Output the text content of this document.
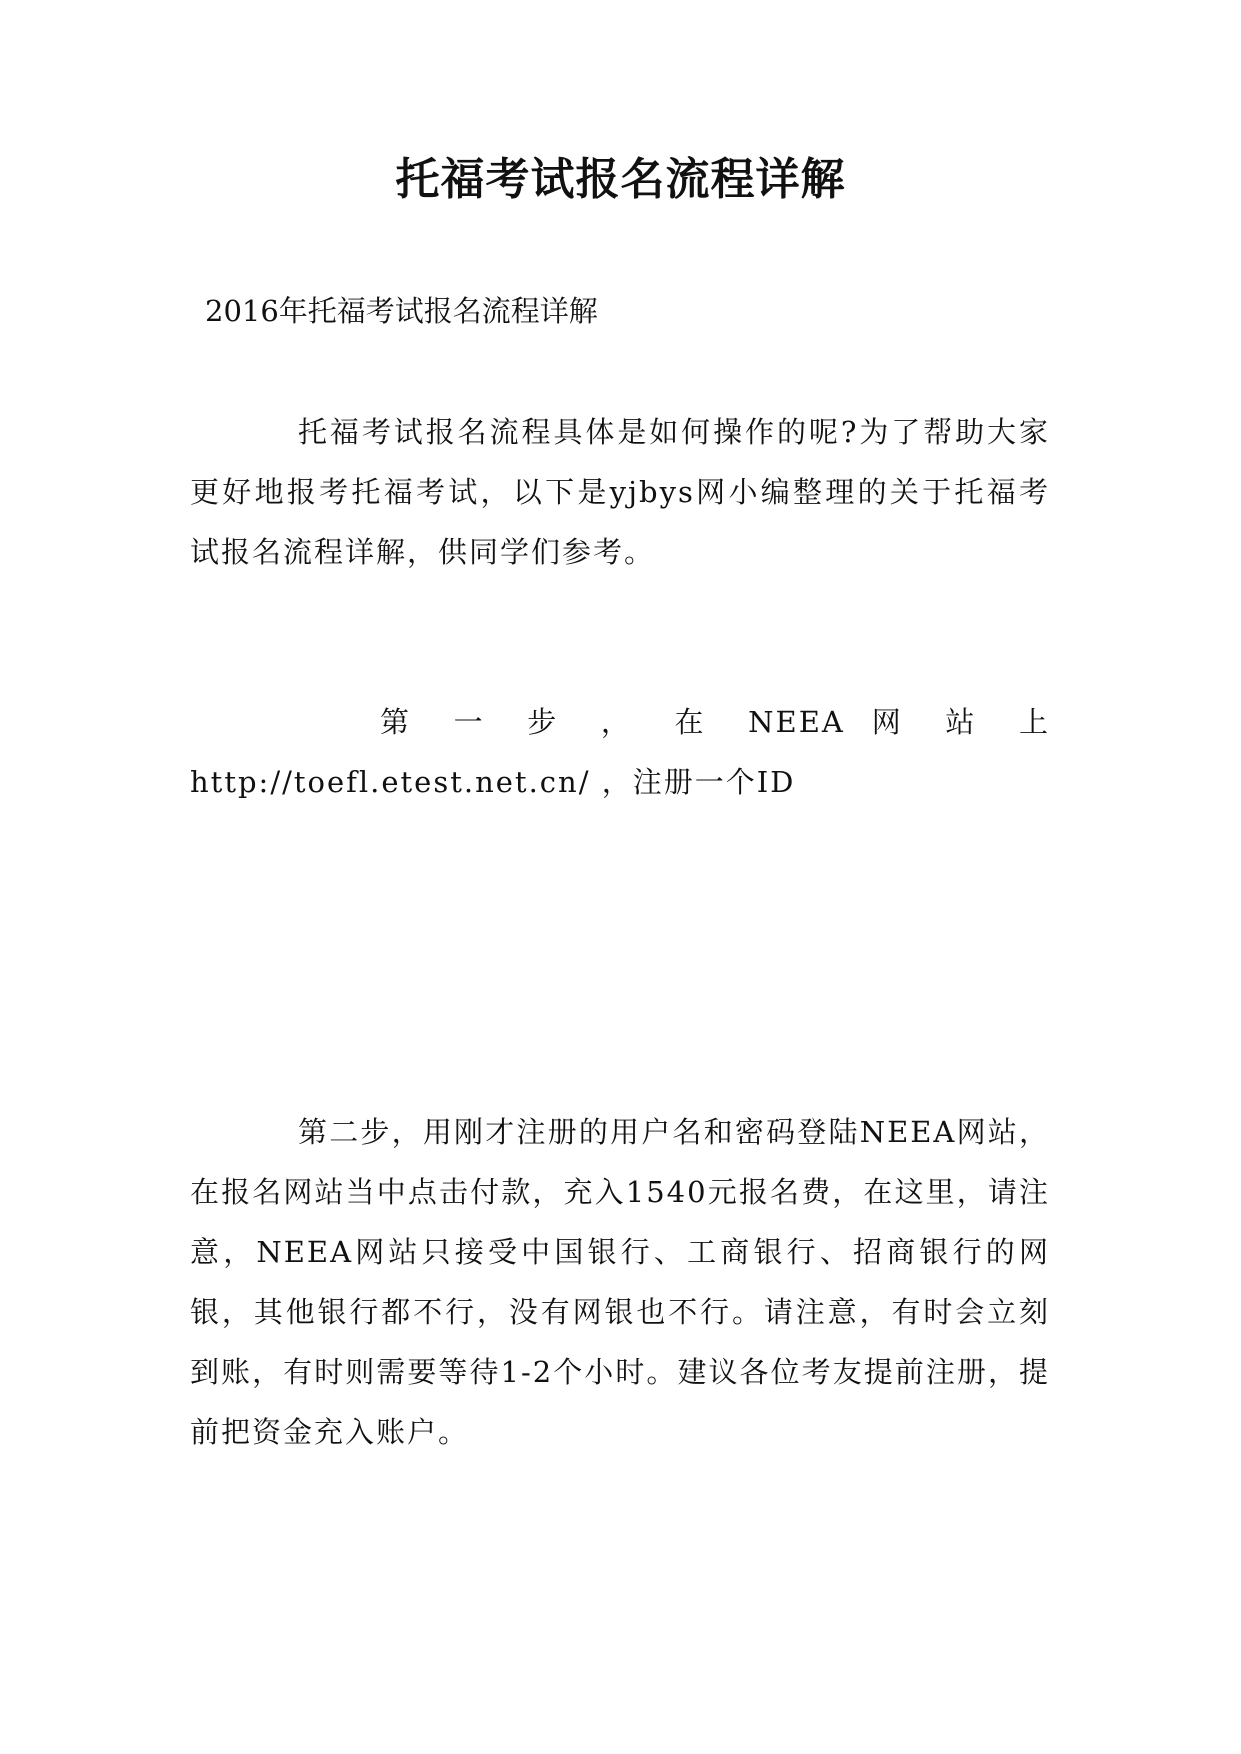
托福考试报名流程详解
2016年托福考试报名流程详解
托福考试报名流程具体是如何操作的呢?为了帮助大家更好地报考托福考试，以下是yjbys网小编整理的关于托福考试报名流程详解，供同学们参考。
第 一 步 ， 在 NEEA 网 站 上
http://toefl.etest.net.cn/ ，注册一个ID
第二步，用刚才注册的用户名和密码登陆NEEA网站，在报名网站当中点击付款，充入1540元报名费，在这里，请注意，NEEA网站只接受中国银行、工商银行、招商银行的网银，其他银行都不行，没有网银也不行。请注意，有时会立刻到账，有时则需要等待1-2个小时。建议各位考友提前注册，提前把资金充入账户。
